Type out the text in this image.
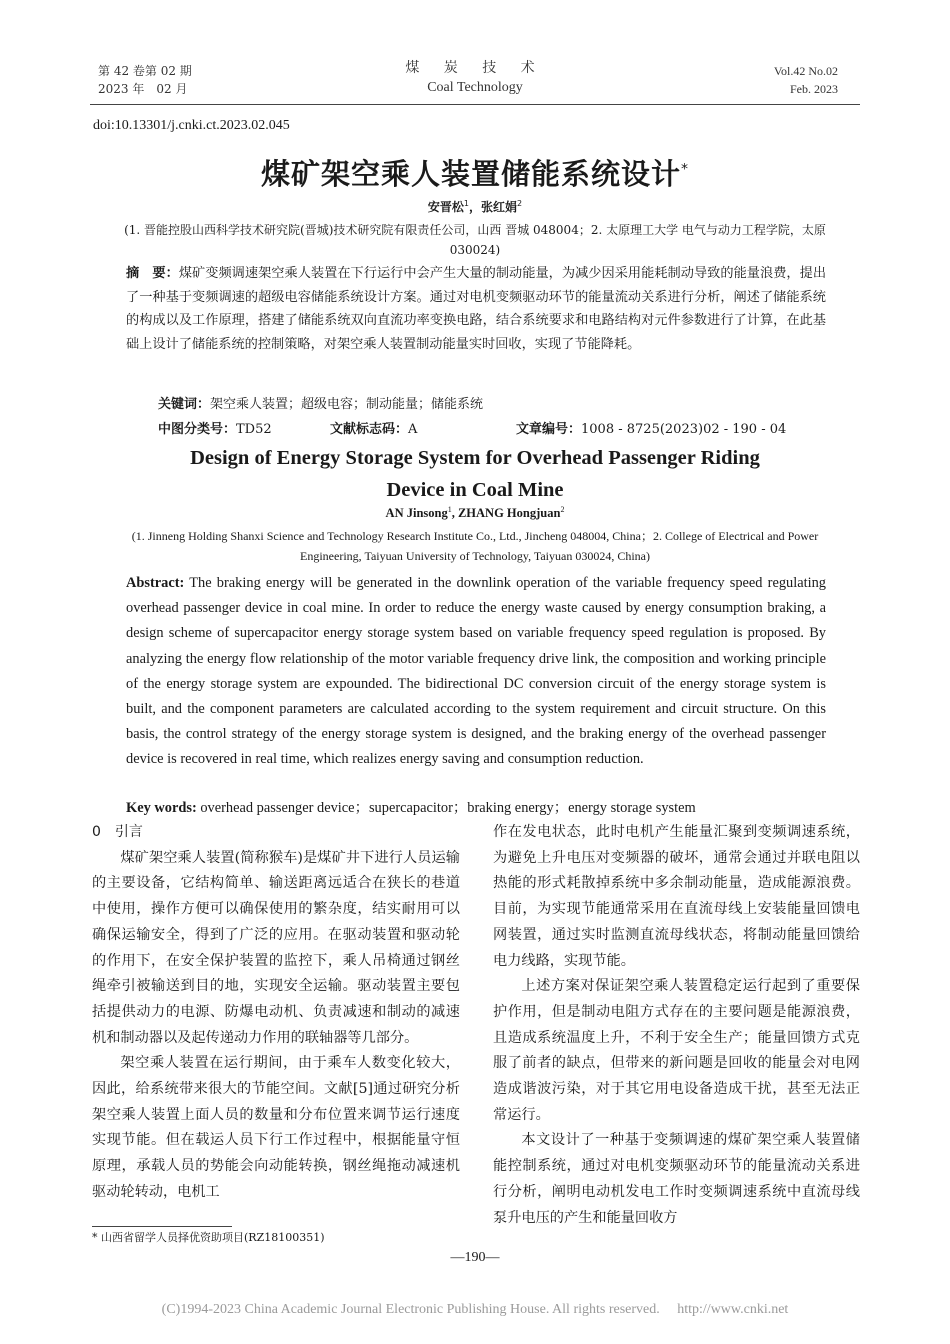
第 42 卷第 02 期
2023 年　02 月
煤 炭 技 术
Coal Technology
Vol.42 No.02
Feb. 2023
doi:10.13301/j.cnki.ct.2023.02.045
煤矿架空乘人装置储能系统设计*
安晋松$^1$，张红娟$^2$
(1. 晋能控股山西科学技术研究院(晋城)技术研究院有限责任公司，山西 晋城 048004；2. 太原理工大学 电气与动力工程学院，太原 030024)
摘　要：煤矿变频调速架空乘人装置在下行运行中会产生大量的制动能量，为减少因采用能耗制动导致的能量浪费，提出了一种基于变频调速的超级电容储能系统设计方案。通过对电机变频驱动环节的能量流动关系进行分析，阐述了储能系统的构成以及工作原理，搭建了储能系统双向直流功率变换电路，结合系统要求和电路结构对元件参数进行了计算，在此基础上设计了储能系统的控制策略，对架空乘人装置制动能量实时回收，实现了节能降耗。
关键词：架空乘人装置；超级电容；制动能量；储能系统
中图分类号：TD52	文献标志码：A	文章编号：1008 - 8725(2023)02 - 190 - 04
Design of Energy Storage System for Overhead Passenger Riding
Device in Coal Mine
AN Jinsong$^1$, ZHANG Hongjuan$^2$
(1. Jinneng Holding Shanxi Science and Technology Research Institute Co., Ltd., Jincheng 048004, China；2. College of Electrical and Power Engineering, Taiyuan University of Technology, Taiyuan 030024, China)
Abstract: The braking energy will be generated in the downlink operation of the variable frequency speed regulating overhead passenger device in coal mine. In order to reduce the energy waste caused by energy consumption braking, a design scheme of supercapacitor energy storage system based on variable frequency speed regulation is proposed. By analyzing the energy flow relationship of the motor variable frequency drive link, the composition and working principle of the energy storage system are expounded. The bidirectional DC conversion circuit of the energy storage system is built, and the component parameters are calculated according to the system requirement and circuit structure. On this basis, the control strategy of the energy storage system is designed, and the braking energy of the overhead passenger device is recovered in real time, which realizes energy saving and consumption reduction.
Key words: overhead passenger device；supercapacitor；braking energy；energy storage system
0 引言

煤矿架空乘人装置(简称猴车)是煤矿井下进行人员运输的主要设备，它结构简单、输送距离远适合在狭长的巷道中使用，操作方便可以确保使用的繁杂度，结实耐用可以确保运输安全，得到了广泛的应用。在驱动装置和驱动轮的作用下，在安全保护装置的监控下，乘人吊椅通过钢丝绳牵引被输送到目的地，实现安全运输。驱动装置主要包括提供动力的电源、防爆电动机、负责减速和制动的减速机和制动器以及起传递动力作用的联轴器等几部分。

架空乘人装置在运行期间，由于乘车人数变化较大，因此，给系统带来很大的节能空间。文献[5]通过研究分析架空乘人装置上面人员的数量和分布位置来调节运行速度实现节能。但在载运人员下行工作过程中，根据能量守恒原理，承载人员的势能会向动能转换，钢丝绳拖动减速机驱动轮转动，电机工

作在发电状态，此时电机产生能量汇聚到变频调速系统，为避免上升电压对变频器的破坏，通常会通过并联电阻以热能的形式耗散掉系统中多余制动能量，造成能源浪费。目前，为实现节能通常采用在直流母线上安装能量回馈电网装置，通过实时监测直流母线状态，将制动能量回馈给电力线路，实现节能。

上述方案对保证架空乘人装置稳定运行起到了重要保护作用，但是制动电阻方式存在的主要问题是能源浪费，且造成系统温度上升，不利于安全生产；能量回馈方式克服了前者的缺点，但带来的新问题是回收的能量会对电网造成谐波污染，对于其它用电设备造成干扰，甚至无法正常运行。

本文设计了一种基于变频调速的煤矿架空乘人装置储能控制系统，通过对电机变频驱动环节的能量流动关系进行分析，阐明电动机发电工作时变频调速系统中直流母线泵升电压的产生和能量回收方

* 山西省留学人员择优资助项目(RZ18100351)
—190—
(C)1994-2023 China Academic Journal Electronic Publishing House. All rights reserved.　 http://www.cnki.net
